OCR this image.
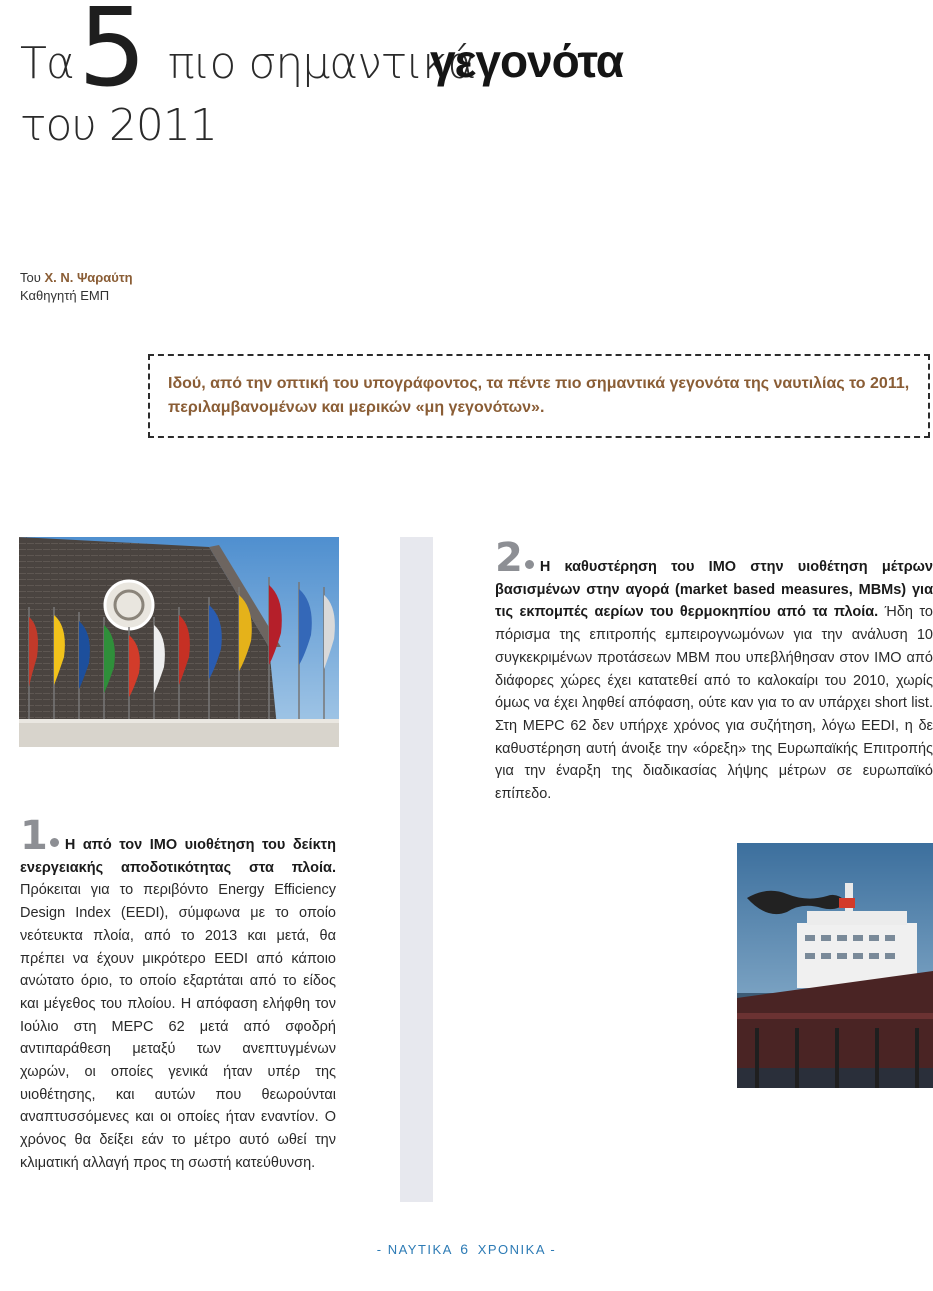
Τα 5 πιο σημαντικά
γεγονότα
του 2011
Του Χ. Ν. Ψαραύτη
Καθηγητή ΕΜΠ
Ιδού, από την οπτική του υπογράφοντος, τα πέντε πιο σημαντικά γεγονότα της ναυτιλίας το 2011, περιλαμβανομένων και μερικών «μη γεγονότων».
1 Η από τον ΙΜΟ υιοθέτηση του δείκτη ενεργειακής αποδοτικότητας στα πλοία. Πρόκειται για το περιβόντο Energy Efficiency Design Index (EEDI), σύμφωνα με το οποίο νεότευκτα πλοία, από το 2013 και μετά, θα πρέπει να έχουν μικρότερο EEDI από κάποιο ανώτατο όριο, το οποίο εξαρτάται από το είδος και μέγεθος του πλοίου. Η απόφαση ελήφθη τον Ιούλιο στη MEPC 62 μετά από σφοδρή αντιπαράθεση μεταξύ των ανεπτυγμένων χωρών, οι οποίες γενικά ήταν υπέρ της υιοθέτησης, και αυτών που θεωρούνται αναπτυσσόμενες και οι οποίες ήταν εναντίον. Ο χρόνος θα δείξει εάν το μέτρο αυτό ωθεί την κλιματική αλλαγή προς τη σωστή κατεύθυνση.
2 Η καθυστέρηση του ΙΜΟ στην υιοθέτηση μέτρων βασισμένων στην αγορά (market based measures, MBMs) για τις εκπομπές αερίων του θερμοκηπίου από τα πλοία. Ήδη το πόρισμα της επιτροπής εμπειρογνωμόνων για την ανάλυση 10 συγκεκριμένων προτάσεων MBM που υπεβλήθησαν στον ΙΜΟ από διάφορες χώρες έχει κατατεθεί από το καλοκαίρι του 2010, χωρίς όμως να έχει ληφθεί απόφαση, ούτε καν για το αν υπάρχει short list. Στη MEPC 62 δεν υπήρχε χρόνος για συζήτηση, λόγω EEDI, η δε καθυστέρηση αυτή άνοιξε την «όρεξη» της Ευρωπαϊκής Επιτροπής για την έναρξη της διαδικασίας λήψης μέτρων σε ευρωπαϊκό επίπεδο.
- ΝΑΥΤΙΚΑ 6 ΧΡΟΝΙΚΑ -
